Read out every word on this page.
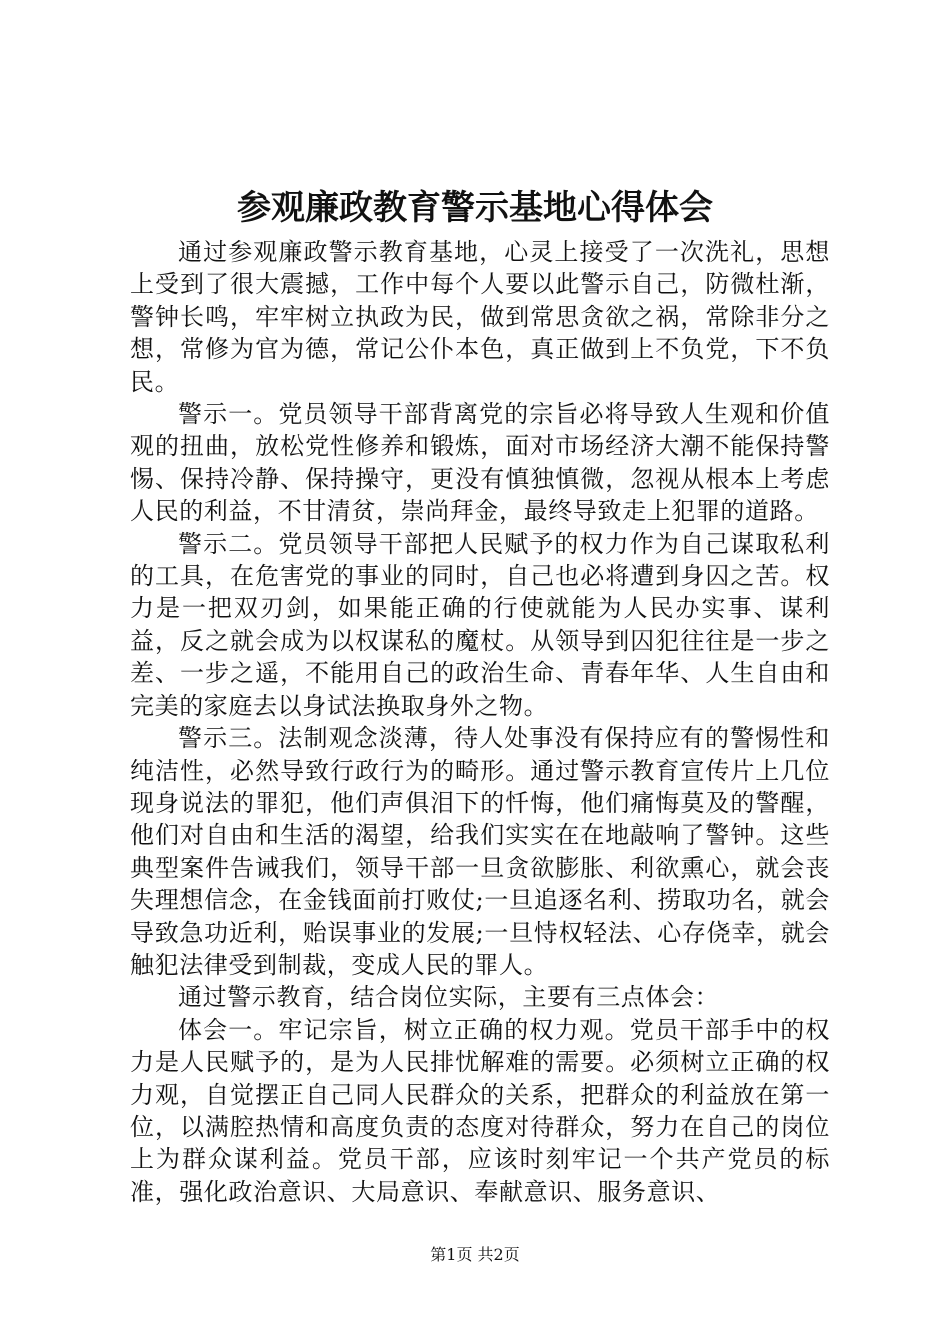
参观廉政教育警示基地心得体会

通过参观廉政警示教育基地，心灵上接受了一次洗礼，思想上受到了很大震撼，工作中每个人要以此警示自己，防微杜渐，警钟长鸣，牢牢树立执政为民，做到常思贪欲之祸，常除非分之想，常修为官为德，常记公仆本色，真正做到上不负党，下不负民。

警示一。党员领导干部背离党的宗旨必将导致人生观和价值观的扭曲，放松党性修养和锻炼，面对市场经济大潮不能保持警惕、保持冷静、保持操守，更没有慎独慎微，忽视从根本上考虑人民的利益，不甘清贫，崇尚拜金，最终导致走上犯罪的道路。

警示二。党员领导干部把人民赋予的权力作为自己谋取私利的工具，在危害党的事业的同时，自己也必将遭到身囚之苦。权力是一把双刃剑，如果能正确的行使就能为人民办实事、谋利益，反之就会成为以权谋私的魔杖。从领导到囚犯往往是一步之差、一步之遥，不能用自己的政治生命、青春年华、人生自由和完美的家庭去以身试法换取身外之物。

警示三。法制观念淡薄，待人处事没有保持应有的警惕性和纯洁性，必然导致行政行为的畸形。通过警示教育宣传片上几位现身说法的罪犯，他们声俱泪下的忏悔，他们痛悔莫及的警醒，他们对自由和生活的渴望，给我们实实在在地敲响了警钟。这些典型案件告诫我们，领导干部一旦贪欲膨胀、利欲熏心，就会丧失理想信念，在金钱面前打败仗;一旦追逐名利、捞取功名，就会导致急功近利，贻误事业的发展;一旦恃权轻法、心存侥幸，就会触犯法律受到制裁，变成人民的罪人。

通过警示教育，结合岗位实际，主要有三点体会：

体会一。牢记宗旨，树立正确的权力观。党员干部手中的权力是人民赋予的，是为人民排忧解难的需要。必须树立正确的权力观，自觉摆正自己同人民群众的关系，把群众的利益放在第一位，以满腔热情和高度负责的态度对待群众，努力在自己的岗位上为群众谋利益。党员干部，应该时刻牢记一个共产党员的标准，强化政治意识、大局意识、奉献意识、服务意识、

第1页 共2页
